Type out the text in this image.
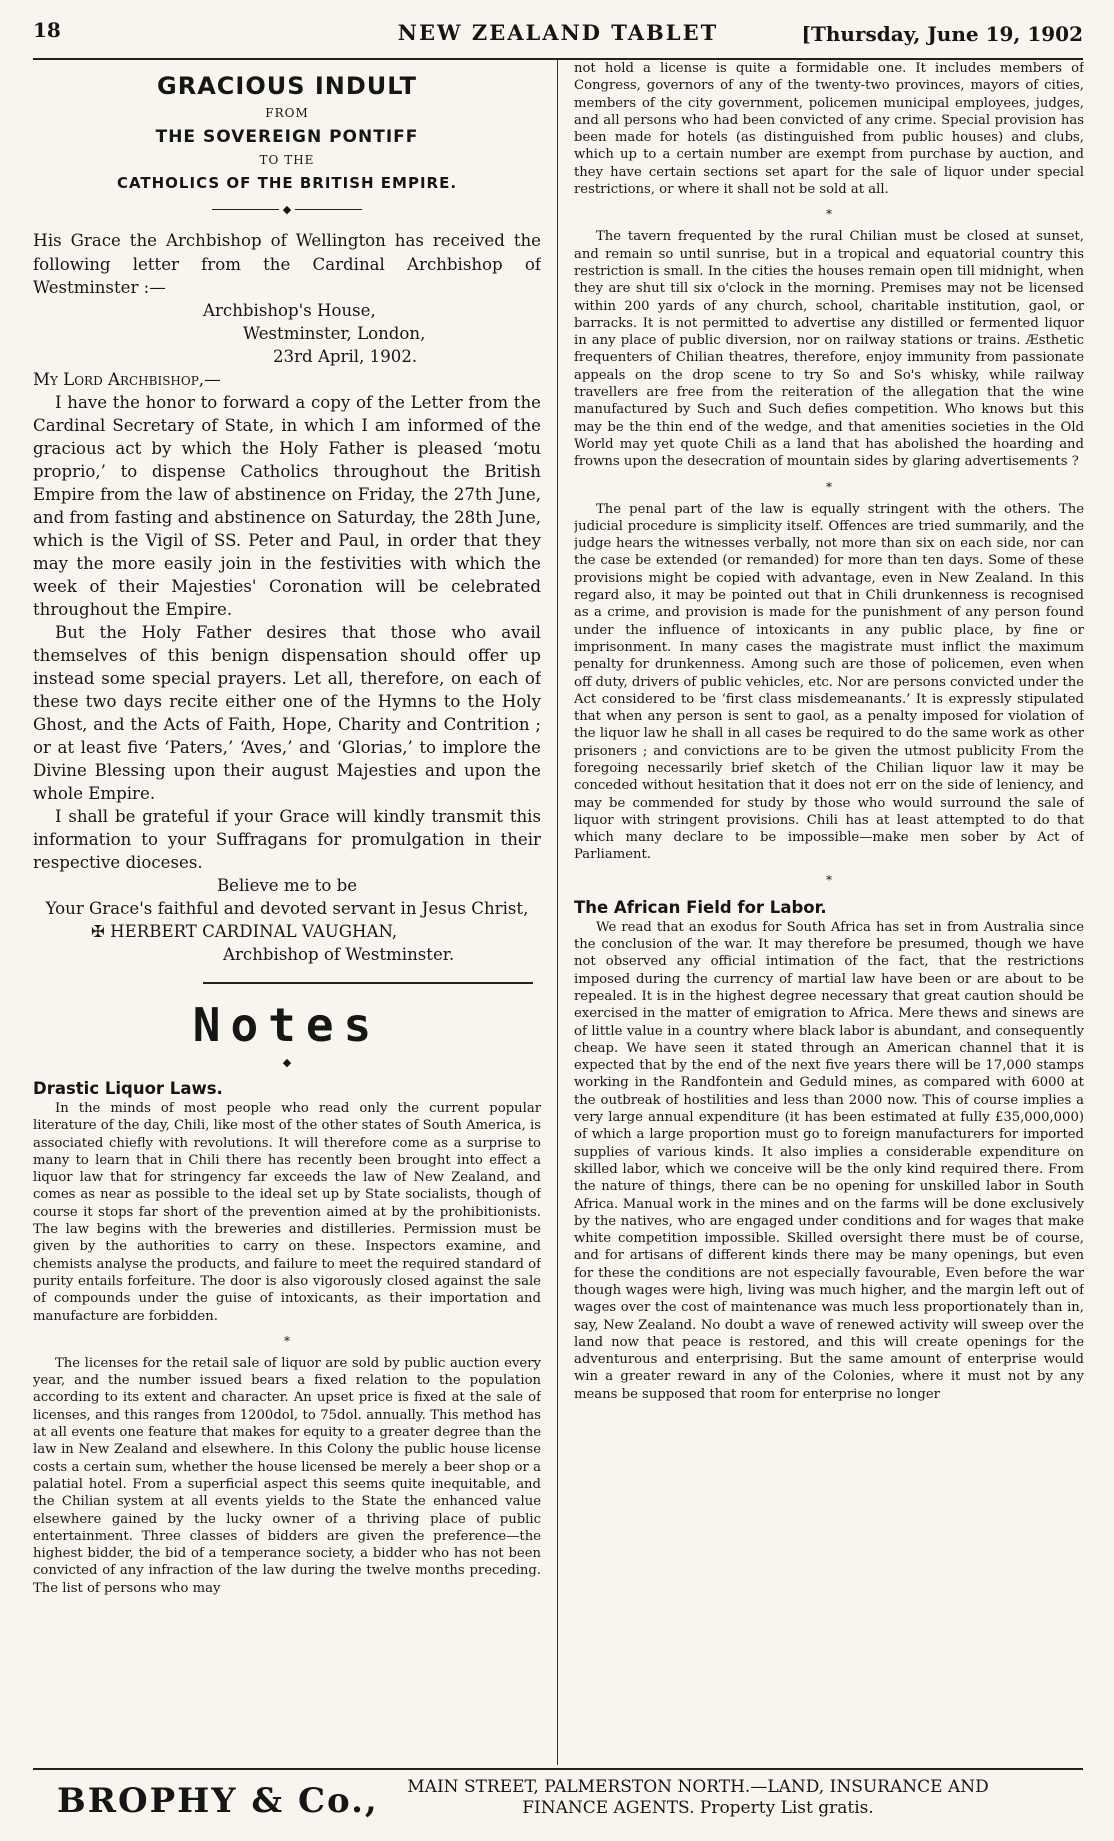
18	NEW ZEALAND TABLET	[Thursday, June 19, 1902
GRACIOUS INDULT
FROM
THE SOVEREIGN PONTIFF
TO THE
CATHOLICS OF THE BRITISH EMPIRE.
◆

His Grace the Archbishop of Wellington has received the following letter from the Cardinal Archbishop of Westminster :—

Archbishop's House,
Westminster, London,
23rd April, 1902.
My Lord Archbishop,—

I have the honor to forward a copy of the Letter from the Cardinal Secretary of State, in which I am informed of the gracious act by which the Holy Father is pleased ‘motu proprio,’ to dispense Catholics throughout the British Empire from the law of abstinence on Friday, the 27th June, and from fasting and abstinence on Saturday, the 28th June, which is the Vigil of SS. Peter and Paul, in order that they may the more easily join in the festivities with which the week of their Majesties' Coronation will be celebrated throughout the Empire.

But the Holy Father desires that those who avail themselves of this benign dispensation should offer up instead some special prayers. Let all, therefore, on each of these two days recite either one of the Hymns to the Holy Ghost, and the Acts of Faith, Hope, Charity and Contrition ; or at least five ‘Paters,’ ‘Aves,’ and ‘Glorias,’ to implore the Divine Blessing upon their august Majesties and upon the whole Empire.

I shall be grateful if your Grace will kindly transmit this information to your Suffragans for promulgation in their respective dioceses.

Believe me to be
Your Grace's faithful and devoted servant in Jesus Christ,
✠ HERBERT CARDINAL VAUGHAN,
Archbishop of Westminster.
Notes
◆
Drastic Liquor Laws.

In the minds of most people who read only the current popular literature of the day, Chili, like most of the other states of South America, is associated chiefly with revolutions. It will therefore come as a surprise to many to learn that in Chili there has recently been brought into effect a liquor law that for stringency far exceeds the law of New Zealand, and comes as near as possible to the ideal set up by State socialists, though of course it stops far short of the prevention aimed at by the prohibitionists. The law begins with the breweries and distilleries. Permission must be given by the authorities to carry on these. Inspectors examine, and chemists analyse the products, and failure to meet the required standard of purity entails forfeiture. The door is also vigorously closed against the sale of compounds under the guise of intoxicants, as their importation and manufacture are forbidden.

*

The licenses for the retail sale of liquor are sold by public auction every year, and the number issued bears a fixed relation to the population according to its extent and character. An upset price is fixed at the sale of licenses, and this ranges from 1200dol, to 75dol. annually. This method has at all events one feature that makes for equity to a greater degree than the law in New Zealand and elsewhere. In this Colony the public house license costs a certain sum, whether the house licensed be merely a beer shop or a palatial hotel. From a superficial aspect this seems quite inequitable, and the Chilian system at all events yields to the State the enhanced value elsewhere gained by the lucky owner of a thriving place of public entertainment. Three classes of bidders are given the preference—the highest bidder, the bid of a temperance society, a bidder who has not been convicted of any infraction of the law during the twelve months preceding. The list of persons who may

not hold a license is quite a formidable one. It includes members of Congress, governors of any of the twenty-two provinces, mayors of cities, members of the city government, policemen municipal employees, judges, and all persons who had been convicted of any crime. Special provision has been made for hotels (as distinguished from public houses) and clubs, which up to a certain number are exempt from purchase by auction, and they have certain sections set apart for the sale of liquor under special restrictions, or where it shall not be sold at all.

*

The tavern frequented by the rural Chilian must be closed at sunset, and remain so until sunrise, but in a tropical and equatorial country this restriction is small. In the cities the houses remain open till midnight, when they are shut till six o'clock in the morning. Premises may not be licensed within 200 yards of any church, school, charitable institution, gaol, or barracks. It is not permitted to advertise any distilled or fermented liquor in any place of public diversion, nor on railway stations or trains. Æsthetic frequenters of Chilian theatres, therefore, enjoy immunity from passionate appeals on the drop scene to try So and So's whisky, while railway travellers are free from the reiteration of the allegation that the wine manufactured by Such and Such defies competition. Who knows but this may be the thin end of the wedge, and that amenities societies in the Old World may yet quote Chili as a land that has abolished the hoarding and frowns upon the desecration of mountain sides by glaring advertisements ?

*

The penal part of the law is equally stringent with the others. The judicial procedure is simplicity itself. Offences are tried summarily, and the judge hears the witnesses verbally, not more than six on each side, nor can the case be extended (or remanded) for more than ten days. Some of these provisions might be copied with advantage, even in New Zealand. In this regard also, it may be pointed out that in Chili drunkenness is recognised as a crime, and provision is made for the punishment of any person found under the influence of intoxicants in any public place, by fine or imprisonment. In many cases the magistrate must inflict the maximum penalty for drunkenness. Among such are those of policemen, even when off duty, drivers of public vehicles, etc. Nor are persons convicted under the Act considered to be ‘first class misdemeanants.’ It is expressly stipulated that when any person is sent to gaol, as a penalty imposed for violation of the liquor law he shall in all cases be required to do the same work as other prisoners ; and convictions are to be given the utmost publicity From the foregoing necessarily brief sketch of the Chilian liquor law it may be conceded without hesitation that it does not err on the side of leniency, and may be commended for study by those who would surround the sale of liquor with stringent provisions. Chili has at least attempted to do that which many declare to be impossible—make men sober by Act of Parliament.

*
The African Field for Labor.

We read that an exodus for South Africa has set in from Australia since the conclusion of the war. It may therefore be presumed, though we have not observed any official intimation of the fact, that the restrictions imposed during the currency of martial law have been or are about to be repealed. It is in the highest degree necessary that great caution should be exercised in the matter of emigration to Africa. Mere thews and sinews are of little value in a country where black labor is abundant, and consequently cheap. We have seen it stated through an American channel that it is expected that by the end of the next five years there will be 17,000 stamps working in the Randfontein and Geduld mines, as compared with 6000 at the outbreak of hostilities and less than 2000 now. This of course implies a very large annual expenditure (it has been estimated at fully £35,000,000) of which a large proportion must go to foreign manufacturers for imported supplies of various kinds. It also implies a considerable expenditure on skilled labor, which we conceive will be the only kind required there. From the nature of things, there can be no opening for unskilled labor in South Africa. Manual work in the mines and on the farms will be done exclusively by the natives, who are engaged under conditions and for wages that make white competition impossible. Skilled oversight there must be of course, and for artisans of different kinds there may be many openings, but even for these the conditions are not especially favourable, Even before the war though wages were high, living was much higher, and the margin left out of wages over the cost of maintenance was much less proportionately than in, say, New Zealand. No doubt a wave of renewed activity will sweep over the land now that peace is restored, and this will create openings for the adventurous and enterprising. But the same amount of enterprise would win a greater reward in any of the Colonies, where it must not by any means be supposed that room for enterprise no longer

BROPHY & Co.,	MAIN STREET, PALMERSTON NORTH.—LAND, INSURANCE AND
FINANCE AGENTS. Property List gratis.
